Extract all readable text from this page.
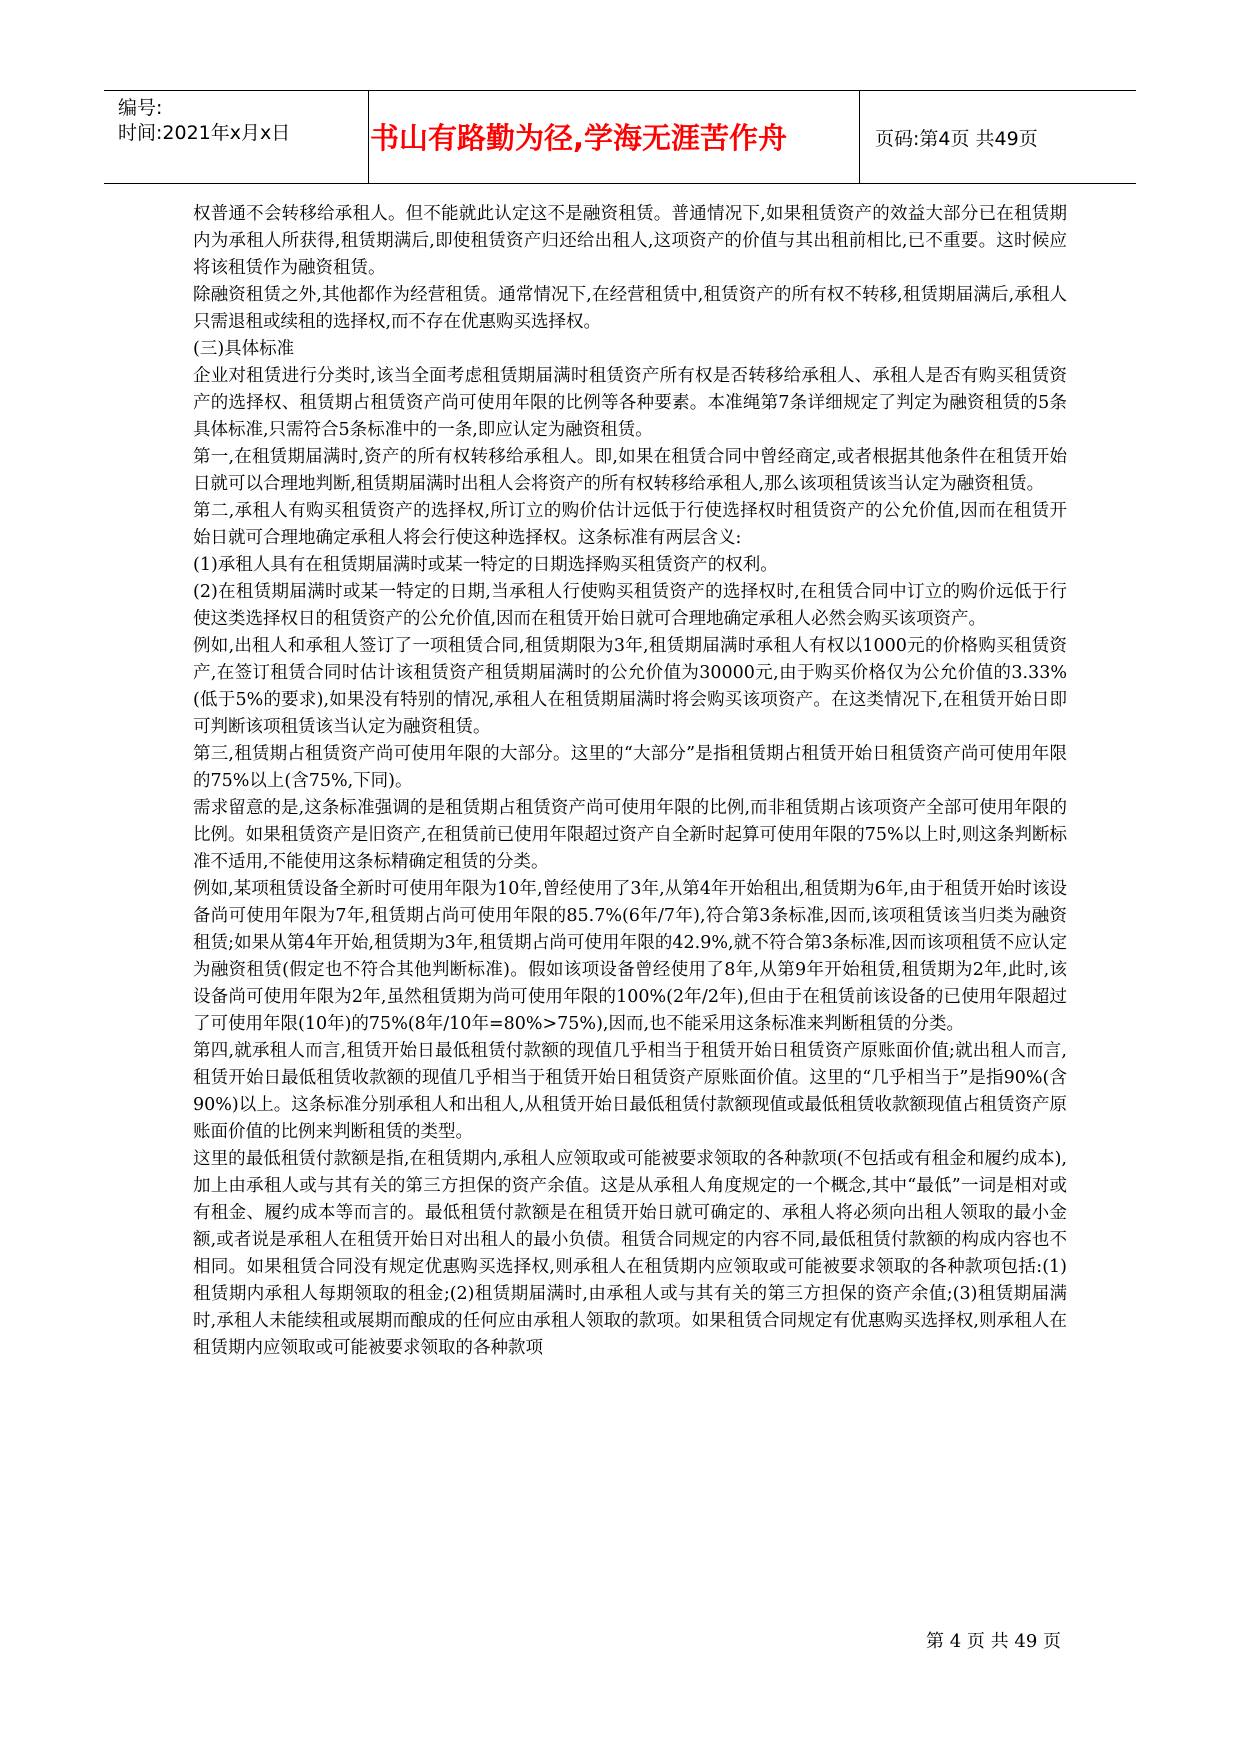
编号:
时间:2021年x月x日	书山有路勤为径,学海无涯苦作舟	页码:第4页 共49页

权普通不会转移给承租人。但不能就此认定这不是融资租赁。普通情况下,如果租赁资产的效益大部分已在租赁期内为承租人所获得,租赁期满后,即使租赁资产归还给出租人,这项资产的价值与其出租前相比,已不重要。这时候应将该租赁作为融资租赁。

除融资租赁之外,其他都作为经营租赁。通常情况下,在经营租赁中,租赁资产的所有权不转移,租赁期届满后,承租人只需退租或续租的选择权,而不存在优惠购买选择权。

(三)具体标准

企业对租赁进行分类时,该当全面考虑租赁期届满时租赁资产所有权是否转移给承租人、承租人是否有购买租赁资产的选择权、租赁期占租赁资产尚可使用年限的比例等各种要素。本准绳第7条详细规定了判定为融资租赁的5条具体标准,只需符合5条标准中的一条,即应认定为融资租赁。

第一,在租赁期届满时,资产的所有权转移给承租人。即,如果在租赁合同中曾经商定,或者根据其他条件在租赁开始日就可以合理地判断,租赁期届满时出租人会将资产的所有权转移给承租人,那么该项租赁该当认定为融资租赁。

第二,承租人有购买租赁资产的选择权,所订立的购价估计远低于行使选择权时租赁资产的公允价值,因而在租赁开始日就可合理地确定承租人将会行使这种选择权。这条标准有两层含义:

(1)承租人具有在租赁期届满时或某一特定的日期选择购买租赁资产的权利。

(2)在租赁期届满时或某一特定的日期,当承租人行使购买租赁资产的选择权时,在租赁合同中订立的购价远低于行使这类选择权日的租赁资产的公允价值,因而在租赁开始日就可合理地确定承租人必然会购买该项资产。

例如,出租人和承租人签订了一项租赁合同,租赁期限为3年,租赁期届满时承租人有权以1000元的价格购买租赁资产,在签订租赁合同时估计该租赁资产租赁期届满时的公允价值为30000元,由于购买价格仅为公允价值的3.33%(低于5%的要求),如果没有特别的情况,承租人在租赁期届满时将会购买该项资产。在这类情况下,在租赁开始日即可判断该项租赁该当认定为融资租赁。

第三,租赁期占租赁资产尚可使用年限的大部分。这里的“大部分”是指租赁期占租赁开始日租赁资产尚可使用年限的75%以上(含75%,下同)。

需求留意的是,这条标准强调的是租赁期占租赁资产尚可使用年限的比例,而非租赁期占该项资产全部可使用年限的比例。如果租赁资产是旧资产,在租赁前已使用年限超过资产自全新时起算可使用年限的75%以上时,则这条判断标准不适用,不能使用这条标精确定租赁的分类。

例如,某项租赁设备全新时可使用年限为10年,曾经使用了3年,从第4年开始租出,租赁期为6年,由于租赁开始时该设备尚可使用年限为7年,租赁期占尚可使用年限的85.7%(6年/7年),符合第3条标准,因而,该项租赁该当归类为融资租赁;如果从第4年开始,租赁期为3年,租赁期占尚可使用年限的42.9%,就不符合第3条标准,因而该项租赁不应认定为融资租赁(假定也不符合其他判断标准)。假如该项设备曾经使用了8年,从第9年开始租赁,租赁期为2年,此时,该设备尚可使用年限为2年,虽然租赁期为尚可使用年限的100%(2年/2年),但由于在租赁前该设备的已使用年限超过了可使用年限(10年)的75%(8年/10年=80%>75%),因而,也不能采用这条标准来判断租赁的分类。

第四,就承租人而言,租赁开始日最低租赁付款额的现值几乎相当于租赁开始日租赁资产原账面价值;就出租人而言,租赁开始日最低租赁收款额的现值几乎相当于租赁开始日租赁资产原账面价值。这里的“几乎相当于”是指90%(含90%)以上。这条标准分别承租人和出租人,从租赁开始日最低租赁付款额现值或最低租赁收款额现值占租赁资产原账面价值的比例来判断租赁的类型。

这里的最低租赁付款额是指,在租赁期内,承租人应领取或可能被要求领取的各种款项(不包括或有租金和履约成本),加上由承租人或与其有关的第三方担保的资产余值。这是从承租人角度规定的一个概念,其中“最低”一词是相对或有租金、履约成本等而言的。最低租赁付款额是在租赁开始日就可确定的、承租人将必须向出租人领取的最小金额,或者说是承租人在租赁开始日对出租人的最小负债。租赁合同规定的内容不同,最低租赁付款额的构成内容也不相同。如果租赁合同没有规定优惠购买选择权,则承租人在租赁期内应领取或可能被要求领取的各种款项包括:(1)租赁期内承租人每期领取的租金;(2)租赁期届满时,由承租人或与其有关的第三方担保的资产余值;(3)租赁期届满时,承租人未能续租或展期而酿成的任何应由承租人领取的款项。如果租赁合同规定有优惠购买选择权,则承租人在租赁期内应领取或可能被要求领取的各种款项

第 4 页 共 49 页
